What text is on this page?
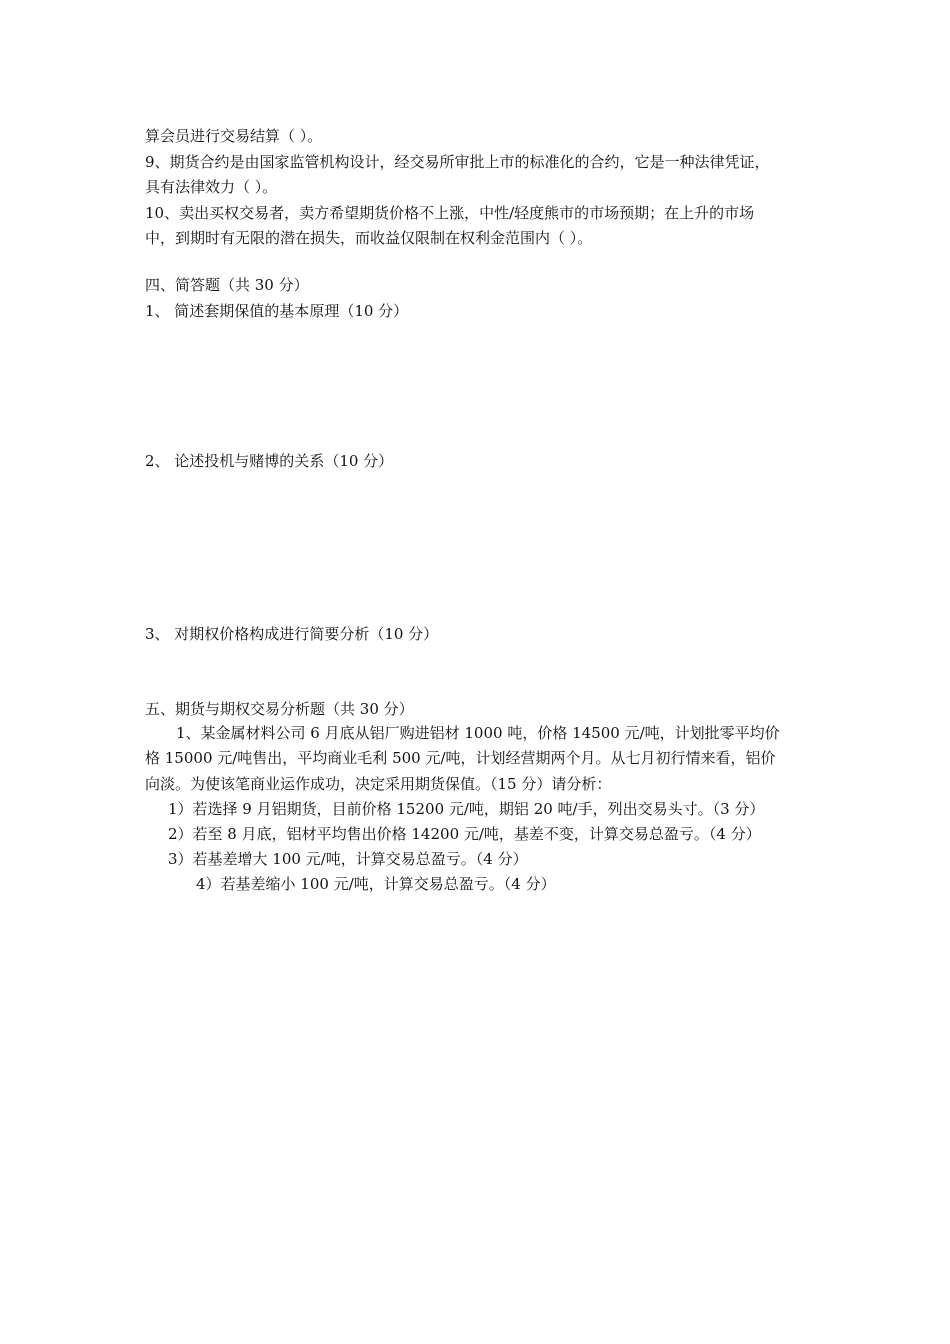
算会员进行交易结算（ ）。
9、期货合约是由国家监管机构设计，经交易所审批上市的标准化的合约，它是一种法律凭证，
具有法律效力（ ）。
10、卖出买权交易者，卖方希望期货价格不上涨，中性/轻度熊市的市场预期；在上升的市场
中，到期时有无限的潜在损失，而收益仅限制在权利金范围内（ ）。
四、简答题（共 30 分）
1、 简述套期保值的基本原理（10 分）
2、 论述投机与赌博的关系（10 分）
3、 对期权价格构成进行简要分析（10 分）
五、期货与期权交易分析题（共 30 分）
1、某金属材料公司 6 月底从铝厂购进铝材 1000 吨，价格 14500 元/吨，计划批零平均价
格 15000 元/吨售出，平均商业毛利 500 元/吨，计划经营期两个月。从七月初行情来看，铝价
向淡。为使该笔商业运作成功，决定采用期货保值。（15 分）请分析：
1）若选择 9 月铝期货，目前价格 15200 元/吨，期铝 20 吨/手，列出交易头寸。（3 分）
2）若至 8 月底，铝材平均售出价格 14200 元/吨，基差不变，计算交易总盈亏。（4 分）
3）若基差增大 100 元/吨，计算交易总盈亏。（4 分）
4）若基差缩小 100 元/吨，计算交易总盈亏。（4 分）
